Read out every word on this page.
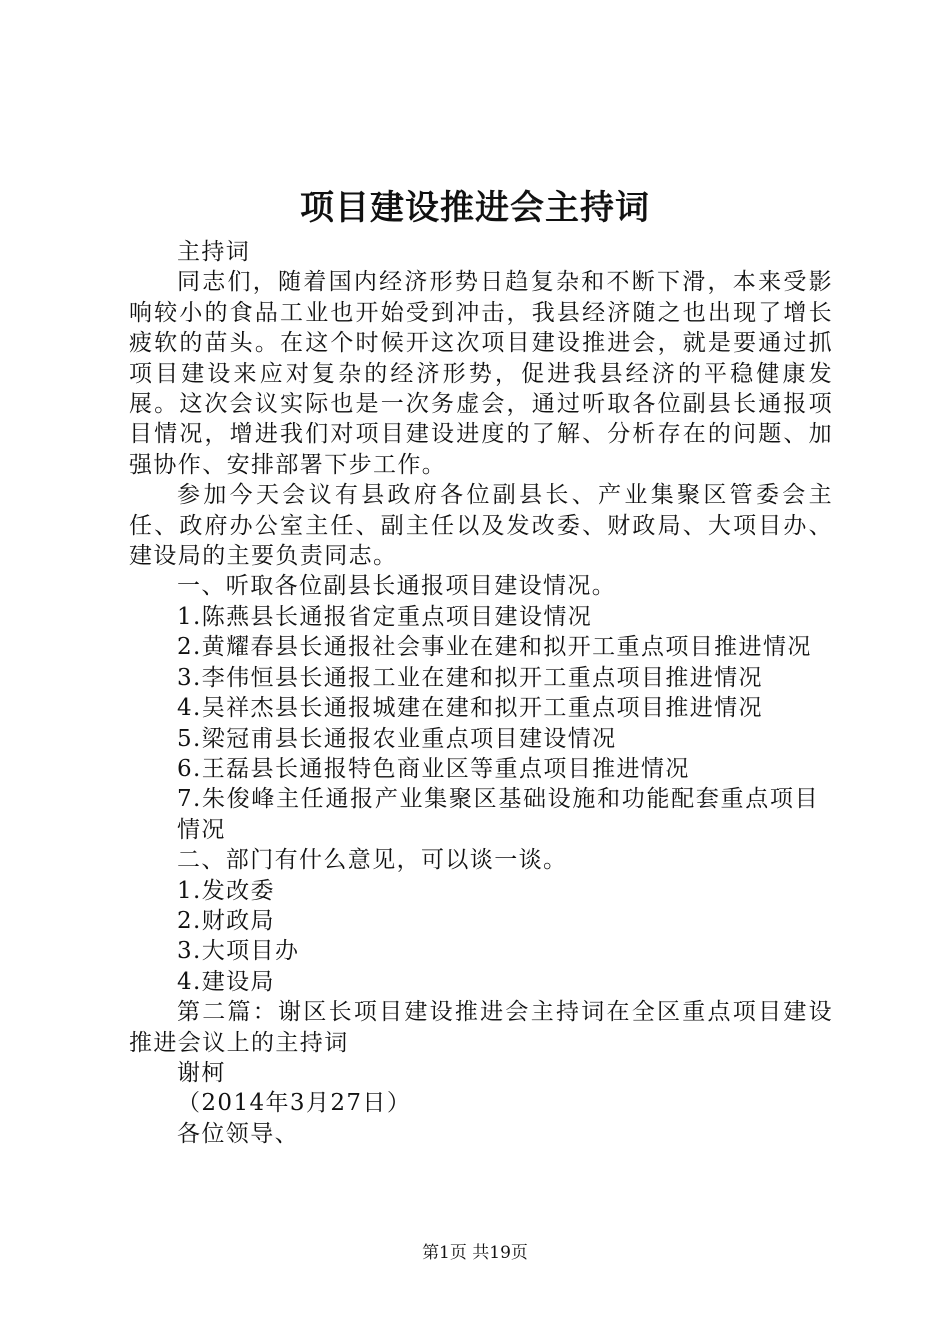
项目建设推进会主持词

主持词

同志们，随着国内经济形势日趋复杂和不断下滑，本来受影响较小的食品工业也开始受到冲击，我县经济随之也出现了增长疲软的苗头。在这个时候开这次项目建设推进会，就是要通过抓项目建设来应对复杂的经济形势，促进我县经济的平稳健康发展。这次会议实际也是一次务虚会，通过听取各位副县长通报项目情况，增进我们对项目建设进度的了解、分析存在的问题、加强协作、安排部署下步工作。

参加今天会议有县政府各位副县长、产业集聚区管委会主任、政府办公室主任、副主任以及发改委、财政局、大项目办、建设局的主要负责同志。

一、听取各位副县长通报项目建设情况。

1.陈燕县长通报省定重点项目建设情况

2.黄耀春县长通报社会事业在建和拟开工重点项目推进情况

3.李伟恒县长通报工业在建和拟开工重点项目推进情况

4.吴祥杰县长通报城建在建和拟开工重点项目推进情况

5.梁冠甫县长通报农业重点项目建设情况

6.王磊县长通报特色商业区等重点项目推进情况

7.朱俊峰主任通报产业集聚区基础设施和功能配套重点项目情况

二、部门有什么意见，可以谈一谈。

1.发改委

2.财政局

3.大项目办

4.建设局

第二篇：谢区长项目建设推进会主持词在全区重点项目建设推进会议上的主持词

谢柯

（2014年3月27日）

各位领导、

第1页 共19页
